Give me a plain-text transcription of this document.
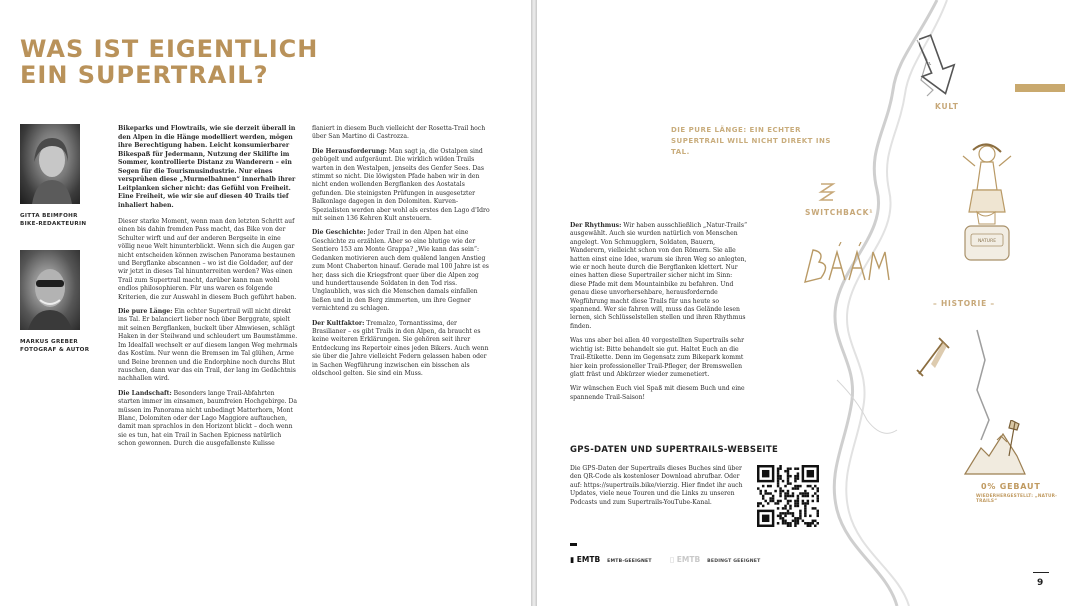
WAS IST EIGENTLICH EIN SUPERTRAIL?
GITTA BEIMFOHR
BIKE-REDAKTEURIN
MARKUS GREBER
FOTOGRAF & AUTOR

Bikeparks und Flowtrails, wie sie derzeit überall in den Alpen in die Hänge modelliert werden, mögen ihre Berechtigung haben. Leicht konsumierbarer Bikespaß für Jedermann, Nutzung der Skilifte im Sommer, kontrollierte Distanz zu Wanderern – ein Segen für die Tourismusindustrie. Nur eines versprühen diese „Murmelbahnen“ innerhalb ihrer Leitplanken sicher nicht: das Gefühl von Freiheit. Eine Freiheit, wie wir sie auf diesen 40 Trails tief inhaliert haben.

Dieser starke Moment, wenn man den letzten Schritt auf einen bis dahin fremden Pass macht, das Bike von der Schulter wirft und auf der anderen Bergseite in eine völlig neue Welt hinunterblickt. Wenn sich die Augen gar nicht entscheiden können zwischen Panorama bestaunen und Bergflanke abscannen – wo ist die Goldader, auf der wir jetzt in dieses Tal hinunterreiten werden? Was einen Trail zum Supertrail macht, darüber kann man wohl endlos philosophieren. Für uns waren es folgende Kriterien, die zur Auswahl in diesem Buch geführt haben.

Die pure Länge: Ein echter Supertrail will nicht direkt ins Tal. Er balanciert lieber noch über Berggrate, spielt mit seinen Bergflanken, buckelt über Almwiesen, schlägt Haken in der Steilwand und schleudert um Baumstämme. Im Idealfall wechselt er auf diesem langen Weg mehrmals das Kostüm. Nur wenn die Bremsen im Tal glühen, Arme und Beine brennen und die Endorphine noch durchs Blut rauschen, dann war das ein Trail, der lang im Gedächtnis nachhallen wird.

Die Landschaft: Besonders lange Trail-Abfahrten starten immer im einsamen, baumfreien Hochgebirge. Da müssen im Panorama nicht unbedingt Matterhorn, Mont Blanc, Dolomiten oder der Lago Maggiore auftauchen, damit man sprachlos in den Horizont blickt – doch wenn sie es tun, hat ein Trail in Sachen Epicness natürlich schon gewonnen. Durch die ausgefallenste Kulisse

flaniert in diesem Buch vielleicht der Rosetta-Trail hoch über San Martino di Castrozza.

Die Herausforderung: Man sagt ja, die Ostalpen sind gebügelt und aufgeräumt. Die wirklich wilden Trails warten in den Westalpen, jenseits des Genfer Sees. Das stimmt so nicht. Die löwigsten Pfade haben wir in den nicht enden wollenden Bergflanken des Aostatals gefunden. Die steinigsten Prüfungen in ausgesetzter Balkonlage dagegen in den Dolomiten. Kurven-Spezialisten werden aber wohl als erstes den Lago d'Idro mit seinen 136 Kehren Kult ansteuern.

Die Geschichte: Jeder Trail in den Alpen hat eine Geschichte zu erzählen. Aber so eine blutige wie der Sentiero 153 am Monte Grappa? „Wie kann das sein“: Gedanken motivieren auch dem quälend langen Anstieg zum Mont Chaberton hinauf. Gerade mal 100 Jahre ist es her, dass sich die Kriegsfront quer über die Alpen zog und hunderttausende Soldaten in den Tod riss. Unglaublich, was sich die Menschen damals einfallen ließen und in den Berg zimmerten, um ihre Gegner vernichtend zu schlagen.

Der Kultfaktor: Tremalzo, Tornantissima, der Brasilianer – es gibt Trails in den Alpen, da braucht es keine weiteren Erklärungen. Sie gehören seit ihrer Entdeckung ins Repertoir eines jeden Bikers. Auch wenn sie über die Jahre vielleicht Federn gelassen haben oder in Sachen Wegführung inzwischen ein bisschen als oldschool gelten. Sie sind ein Muss.

¹
KULT
DIE PURE LÄNGE: EIN ECHTER SUPERTRAIL WILL NICHT DIREKT INS TAL.
SWITCHBACK¹
NATURE
– HISTORIE –
0% GEBAUT
WIEDERHERGESTELLT: „NATUR-TRAILS“

Der Rhythmus: Wir haben ausschließlich „Natur-Trails“ ausgewählt. Auch sie wurden natürlich von Menschen angelegt. Von Schmugglern, Soldaten, Bauern, Wanderern, vielleicht schon von den Römern. Sie alle hatten einst eine Idee, warum sie ihren Weg so anlegten, wie er noch heute durch die Bergflanken klettert. Nur eines hatten diese Supertrailer sicher nicht im Sinn: diese Pfade mit dem Mountainbike zu befahren. Und genau diese unvorhersehbare, herausfordernde Wegführung macht diese Trails für uns heute so spannend. Wer sie fahren will, muss das Gelände lesen lernen, sich Schlüsselstellen stellen und ihren Rhythmus finden.

Was uns aber bei allen 40 vorgestellten Supertrails sehr wichtig ist: Bitte behandelt sie gut. Haltet Euch an die Trail-Etikette. Denn im Gegensatz zum Bikepark kommt hier kein professioneller Trail-Pfleger, der Bremswellen glatt fräst und Abkürzer wieder zumenetiert.

Wir wünschen Euch viel Spaß mit diesem Buch und eine spannende Trail-Saison!

GPS-DATEN UND SUPERTRAILS-WEBSEITE
Die GPS-Daten der Supertrails dieses Buches sind über den QR-Code als kostenloser Download abrufbar. Oder auf: https://supertrails.bike/vierzig. Hier findet ihr auch Updates, viele neue Touren und die Links zu unseren Podcasts und zum Supertrails-YouTube-Kanal.
▮ EMTB EMTB-GEEIGNET ▯ EMTB BEDINGT GEEIGNET
9
